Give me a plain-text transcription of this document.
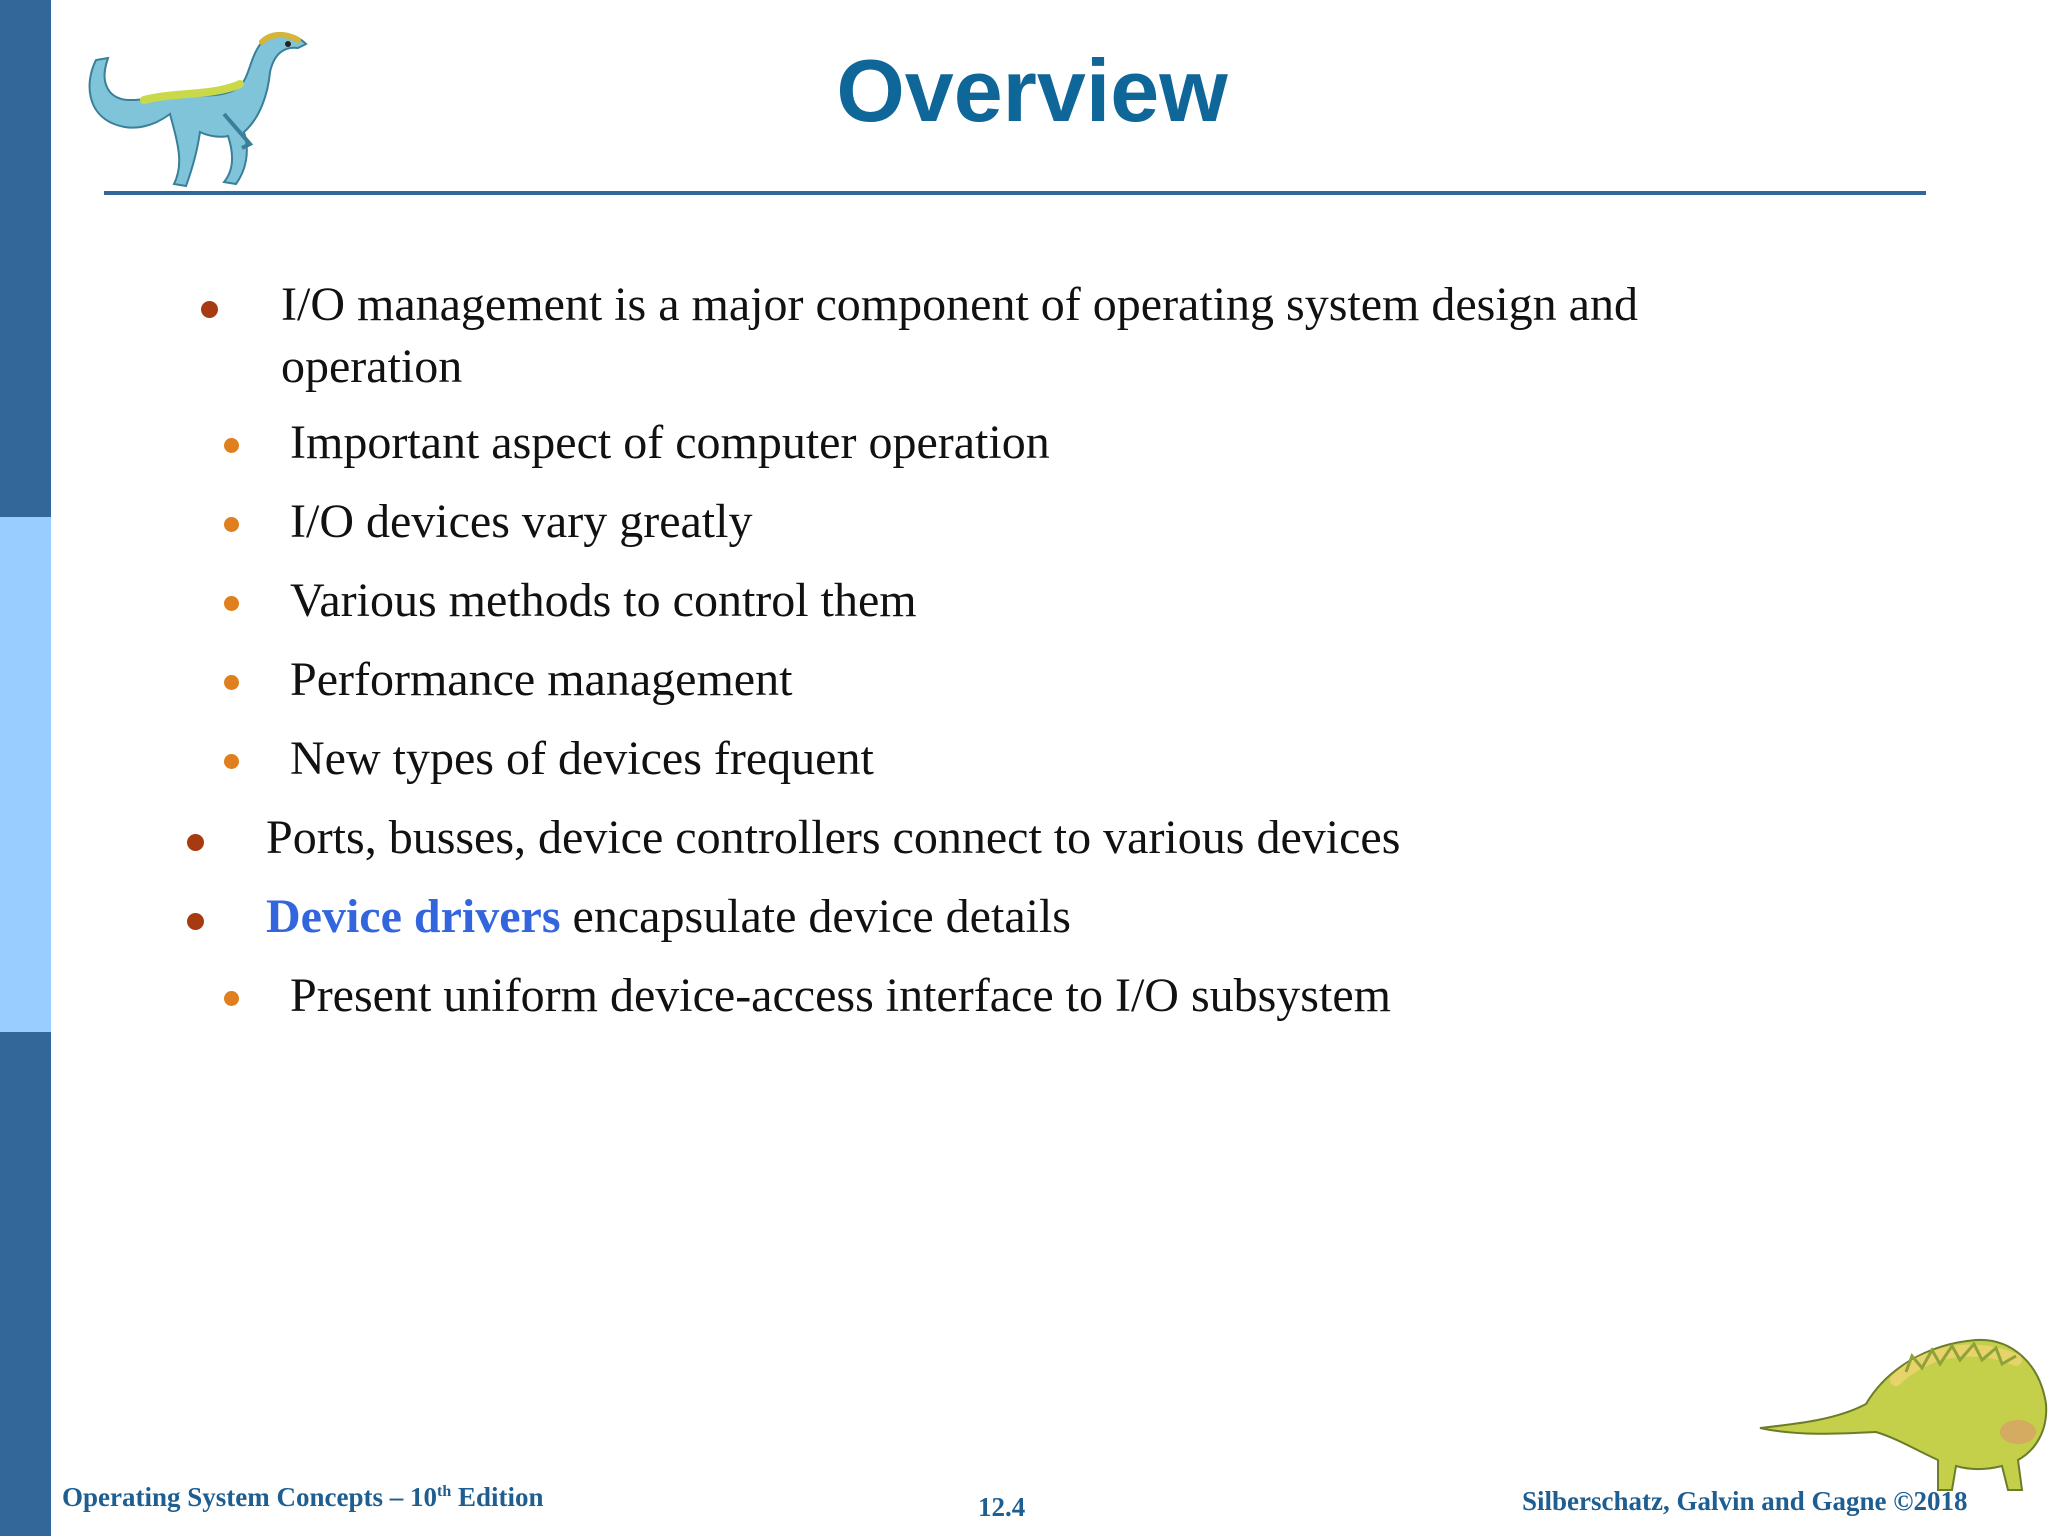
Overview
I/O management is a major component of operating system design and
operation
Important aspect of computer operation
I/O devices vary greatly
Various methods to control them
Performance management
New types of devices frequent
Ports, busses, device controllers connect to various devices
Device drivers encapsulate device details
Present uniform device-access interface to I/O subsystem
Operating System Concepts – 10th Edition	12.4	Silberschatz, Galvin and Gagne ©2018
